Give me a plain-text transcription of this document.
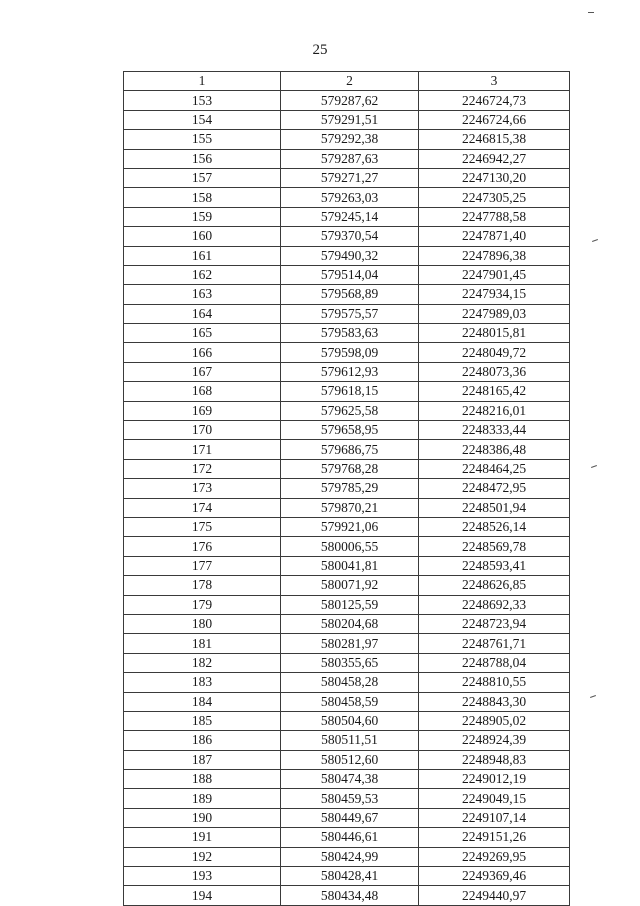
25
1	2	3
153	579287,62	2246724,73
154	579291,51	2246724,66
155	579292,38	2246815,38
156	579287,63	2246942,27
157	579271,27	2247130,20
158	579263,03	2247305,25
159	579245,14	2247788,58
160	579370,54	2247871,40
161	579490,32	2247896,38
162	579514,04	2247901,45
163	579568,89	2247934,15
164	579575,57	2247989,03
165	579583,63	2248015,81
166	579598,09	2248049,72
167	579612,93	2248073,36
168	579618,15	2248165,42
169	579625,58	2248216,01
170	579658,95	2248333,44
171	579686,75	2248386,48
172	579768,28	2248464,25
173	579785,29	2248472,95
174	579870,21	2248501,94
175	579921,06	2248526,14
176	580006,55	2248569,78
177	580041,81	2248593,41
178	580071,92	2248626,85
179	580125,59	2248692,33
180	580204,68	2248723,94
181	580281,97	2248761,71
182	580355,65	2248788,04
183	580458,28	2248810,55
184	580458,59	2248843,30
185	580504,60	2248905,02
186	580511,51	2248924,39
187	580512,60	2248948,83
188	580474,38	2249012,19
189	580459,53	2249049,15
190	580449,67	2249107,14
191	580446,61	2249151,26
192	580424,99	2249269,95
193	580428,41	2249369,46
194	580434,48	2249440,97
